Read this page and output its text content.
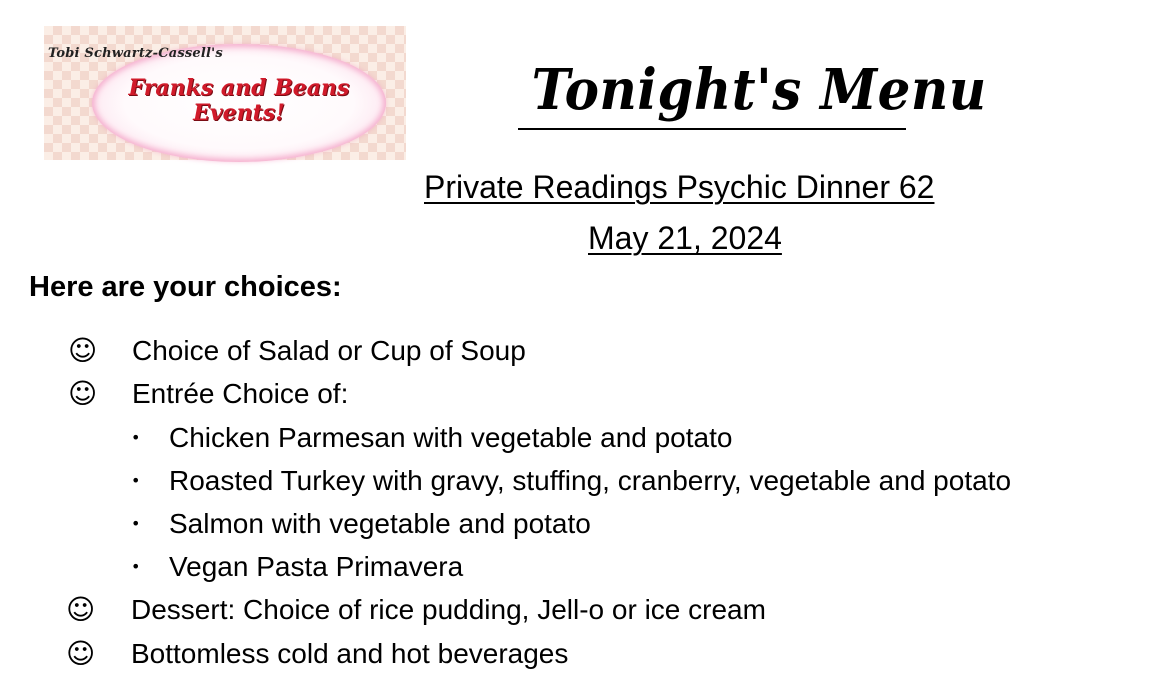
Tobi Schwartz-Cassell's
Franks and Beans
Events!	Tonight's Menu
Private Readings Psychic Dinner 62
May 21, 2024
Here are your choices:
☺ Choice of Salad or Cup of Soup
☺ Entrée Choice of:
• Chicken Parmesan with vegetable and potato
• Roasted Turkey with gravy, stuffing, cranberry, vegetable and potato
• Salmon with vegetable and potato
• Vegan Pasta Primavera
☺ Dessert: Choice of rice pudding, Jell-o or ice cream
☺ Bottomless cold and hot beverages
